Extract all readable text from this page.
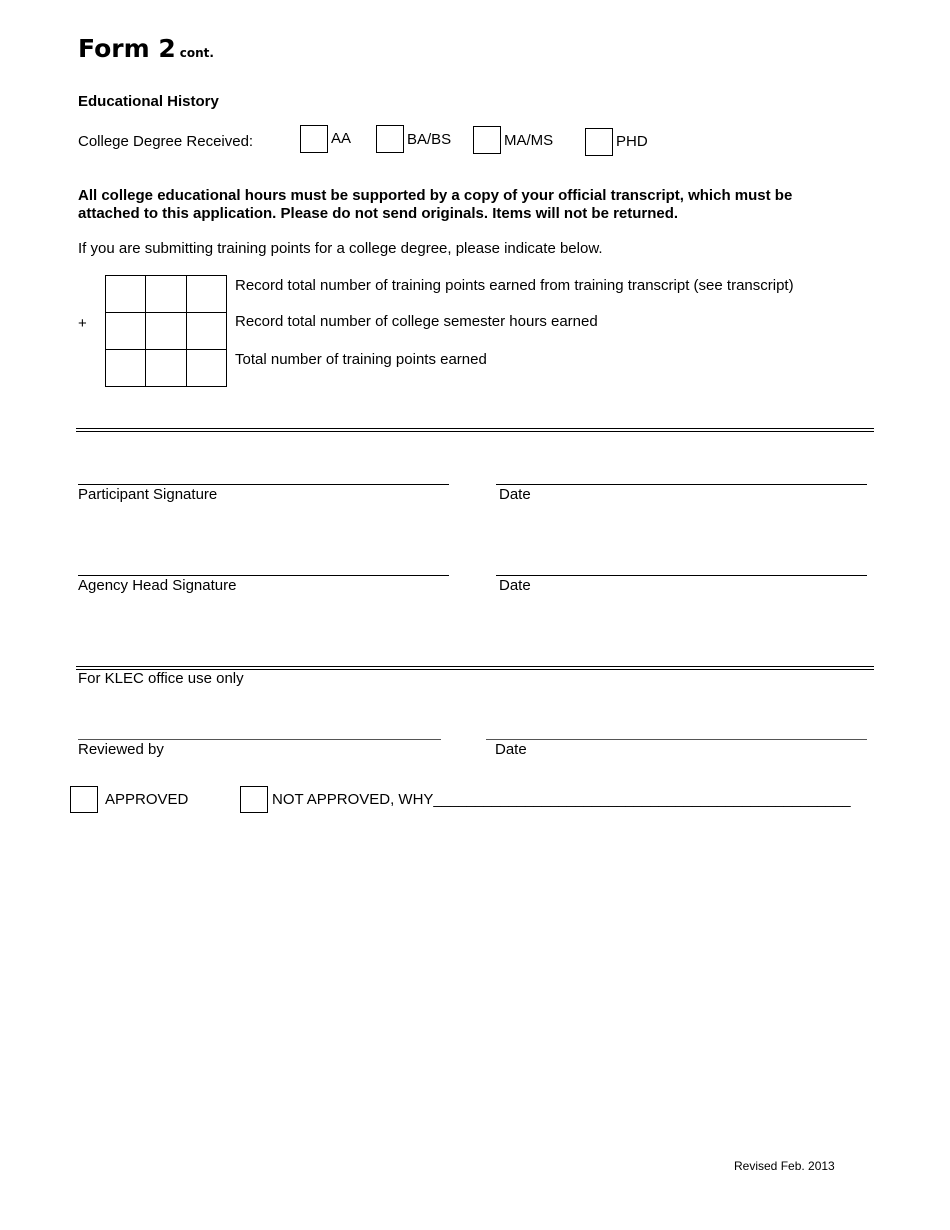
Form 2 cont.
Educational History
College Degree Received:	AA	BA/BS	MA/MS	PHD
All college educational hours must be supported by a copy of your official transcript, which must be attached to this application. Please do not send originals. Items will not be returned.
If you are submitting training points for a college degree, please indicate below.
+

Record total number of training points earned from training transcript (see transcript)
Record total number of college semester hours earned
Total number of training points earned
Participant Signature	Date
Agency Head Signature	Date
For KLEC office use only
Reviewed by	Date
APPROVED	NOT APPROVED, WHY__________________________________________________
Revised Feb. 2013
